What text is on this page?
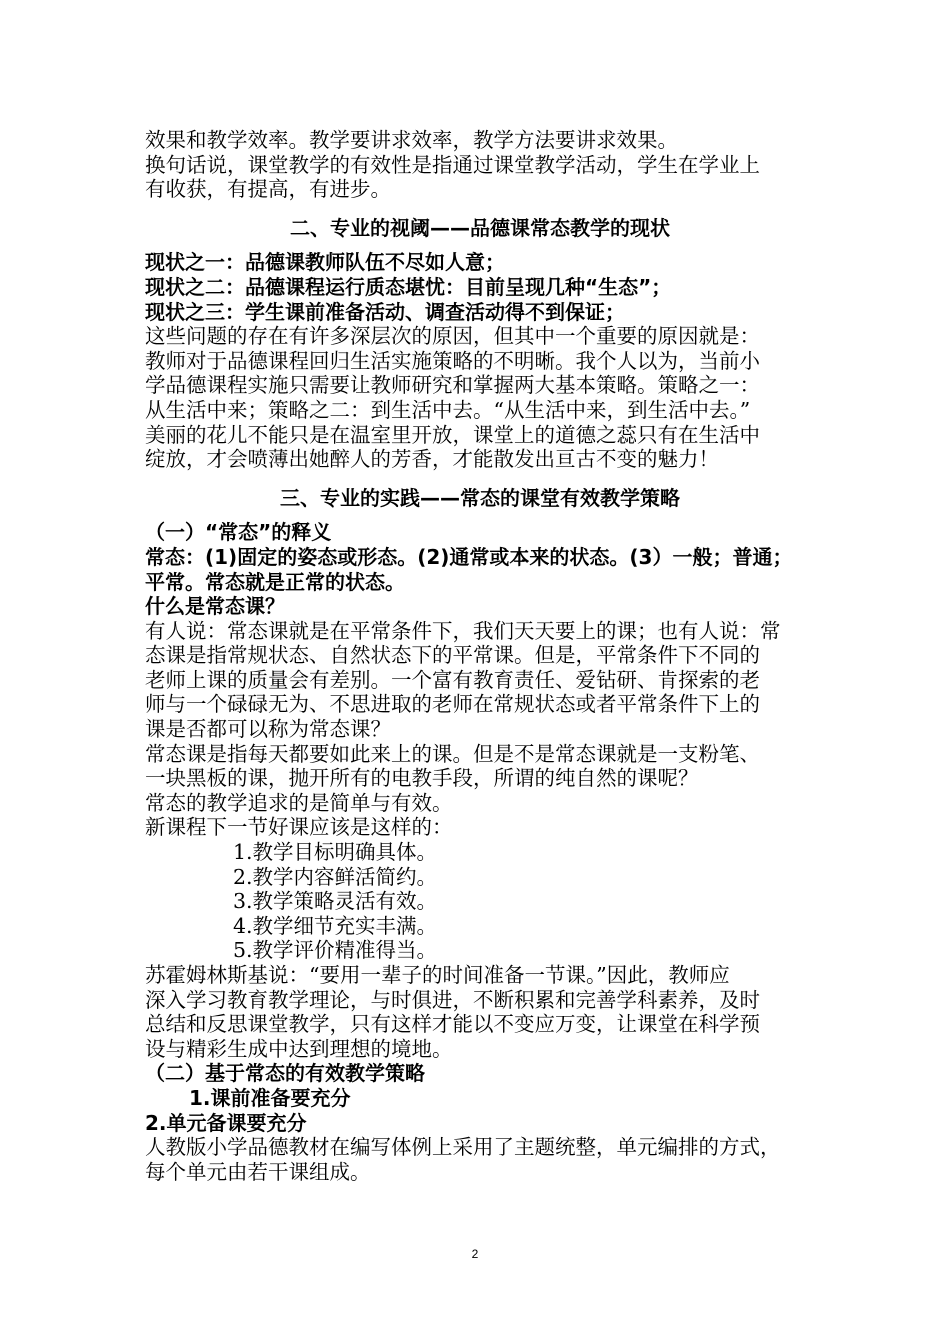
效果和教学效率。教学要讲求效率，教学方法要讲求效果。

换句话说，课堂教学的有效性是指通过课堂教学活动，学生在学业上

有收获，有提高，有进步。

二、专业的视阈——品德课常态教学的现状

现状之一：品德课教师队伍不尽如人意；

现状之二：品德课程运行质态堪忧：目前呈现几种“生态”；

现状之三：学生课前准备活动、调查活动得不到保证；

这些问题的存在有许多深层次的原因，但其中一个重要的原因就是：

教师对于品德课程回归生活实施策略的不明晰。我个人以为，当前小

学品德课程实施只需要让教师研究和掌握两大基本策略。策略之一：

从生活中来；策略之二：到生活中去。“从生活中来，到生活中去。”

美丽的花儿不能只是在温室里开放，课堂上的道德之蕊只有在生活中

绽放，才会喷薄出她醉人的芳香，才能散发出亘古不变的魅力！

三、专业的实践——常态的课堂有效教学策略

（一）“常态”的释义

常态：(1)固定的姿态或形态。(2)通常或本来的状态。(3）一般；普通；

平常。常态就是正常的状态。

什么是常态课？

有人说：常态课就是在平常条件下，我们天天要上的课；也有人说：常

态课是指常规状态、自然状态下的平常课。但是，平常条件下不同的

老师上课的质量会有差别。一个富有教育责任、爱钻研、肯探索的老

师与一个碌碌无为、不思进取的老师在常规状态或者平常条件下上的

课是否都可以称为常态课？

常态课是指每天都要如此来上的课。但是不是常态课就是一支粉笔、

一块黑板的课，抛开所有的电教手段，所谓的纯自然的课呢？

常态的教学追求的是简单与有效。

新课程下一节好课应该是这样的：

1.教学目标明确具体。

2.教学内容鲜活简约。

3.教学策略灵活有效。

4.教学细节充实丰满。

5.教学评价精准得当。

苏霍姆林斯基说：“要用一辈子的时间准备一节课。”因此，教师应

深入学习教育教学理论，与时俱进，不断积累和完善学科素养，及时

总结和反思课堂教学，只有这样才能以不变应万变，让课堂在科学预

设与精彩生成中达到理想的境地。

（二）基于常态的有效教学策略

1.课前准备要充分

2.单元备课要充分

人教版小学品德教材在编写体例上采用了主题统整，单元编排的方式，

每个单元由若干课组成。

2
